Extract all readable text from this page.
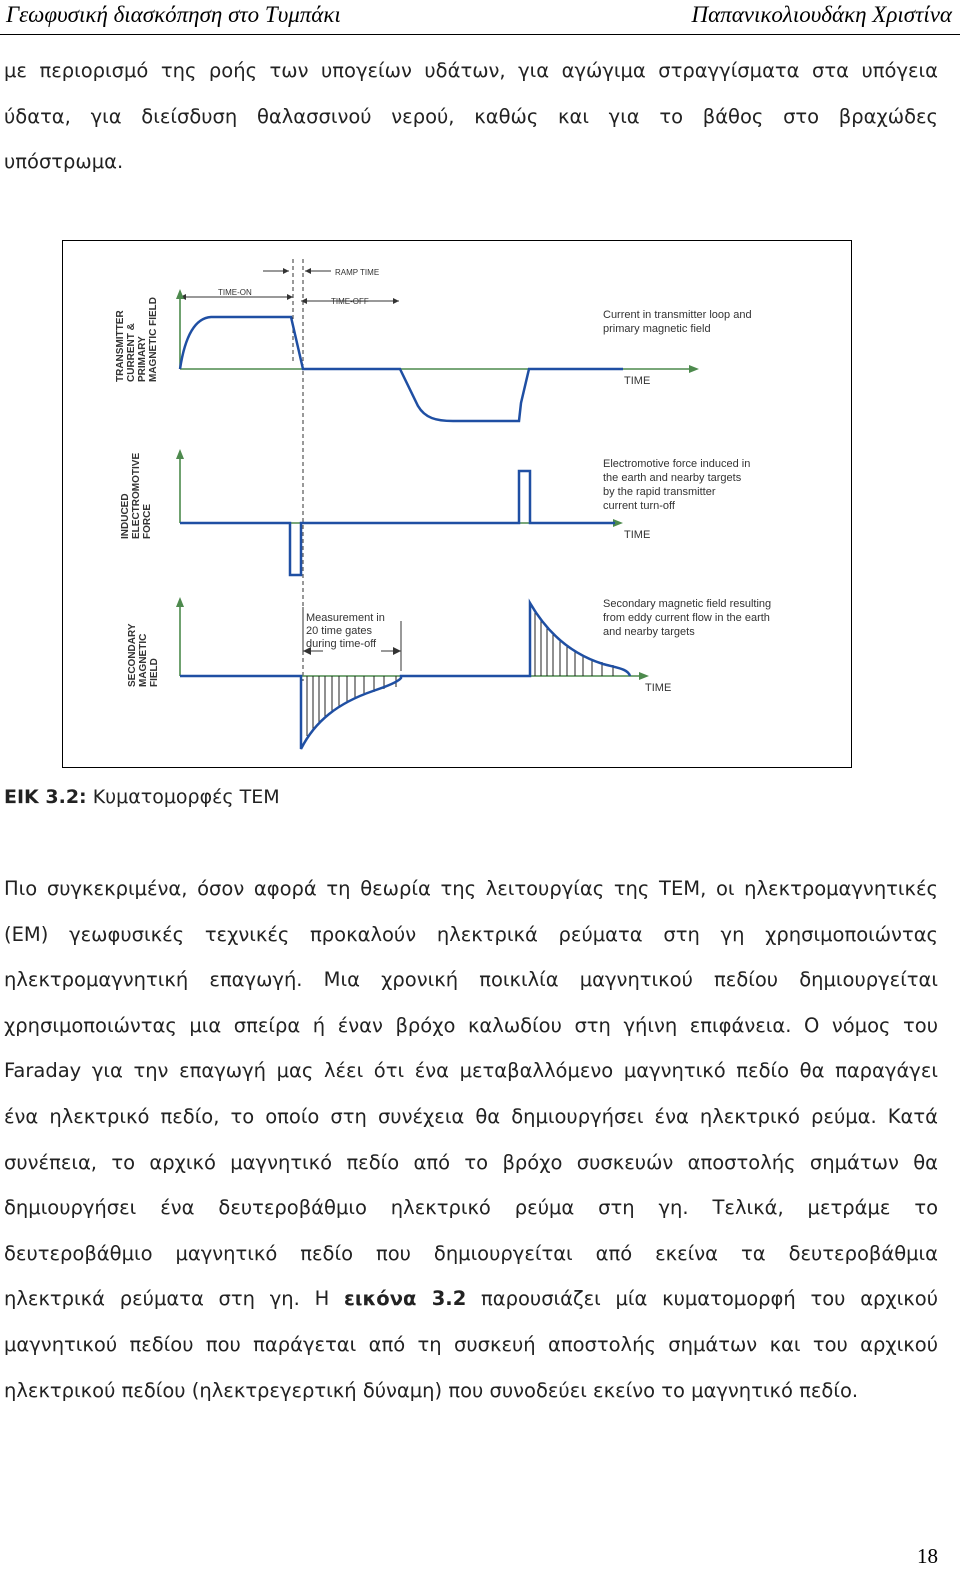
Γεωφυσική διασκόπηση στο Τυμπάκι	Παπανικολιουδάκη Χριστίνα
με περιορισμό της ροής των υπογείων υδάτων, για αγώγιμα στραγγίσματα στα υπόγεια
ύδατα, για διείσδυση θαλασσινού νερού, καθώς και για το βάθος στο βραχώδες
υπόστρωμα.
TIME-ON
RAMP TIME
TIME-OFF
TRANSMITTER CURRENT & PRIMARY MAGNETIC FIELD	Current in transmitter loop and primary magnetic field
TIME
INDUCED ELECTROMOTIVE FORCE
Electromotive force induced in the earth and nearby targets by the rapid transmitter current turn-off
TIME
SECONDARY MAGNETIC FIELD
Measurement in 20 time gates during time-off
Secondary magnetic field resulting from eddy current flow in the earth and nearby targets
TIME
ΕΙΚ 3.2: Κυματομορφές ΤΕΜ
Πιο συγκεκριμένα, όσον αφορά τη θεωρία της λειτουργίας της ΤΕΜ, οι ηλεκτρομαγνητικές
(ΕΜ) γεωφυσικές τεχνικές προκαλούν ηλεκτρικά ρεύματα στη γη χρησιμοποιώντας
ηλεκτρομαγνητική επαγωγή. Μια χρονική ποικιλία μαγνητικού πεδίου δημιουργείται
χρησιμοποιώντας μια σπείρα ή έναν βρόχο καλωδίου στη γήινη επιφάνεια. Ο νόμος του
Faraday για την επαγωγή μας λέει ότι ένα μεταβαλλόμενο μαγνητικό πεδίο θα παραγάγει
ένα ηλεκτρικό πεδίο, το οποίο στη συνέχεια θα δημιουργήσει ένα ηλεκτρικό ρεύμα. Κατά
συνέπεια, το αρχικό μαγνητικό πεδίο από το βρόχο συσκευών αποστολής σημάτων θα
δημιουργήσει ένα δευτεροβάθμιο ηλεκτρικό ρεύμα στη γη. Τελικά, μετράμε το
δευτεροβάθμιο μαγνητικό πεδίο που δημιουργείται από εκείνα τα δευτεροβάθμια
ηλεκτρικά ρεύματα στη γη. Η εικόνα 3.2 παρουσιάζει μία κυματομορφή του αρχικού
μαγνητικού πεδίου που παράγεται από τη συσκευή αποστολής σημάτων και του αρχικού
ηλεκτρικού πεδίου (ηλεκτρεγερτική δύναμη) που συνοδεύει εκείνο το μαγνητικό πεδίο.
18
